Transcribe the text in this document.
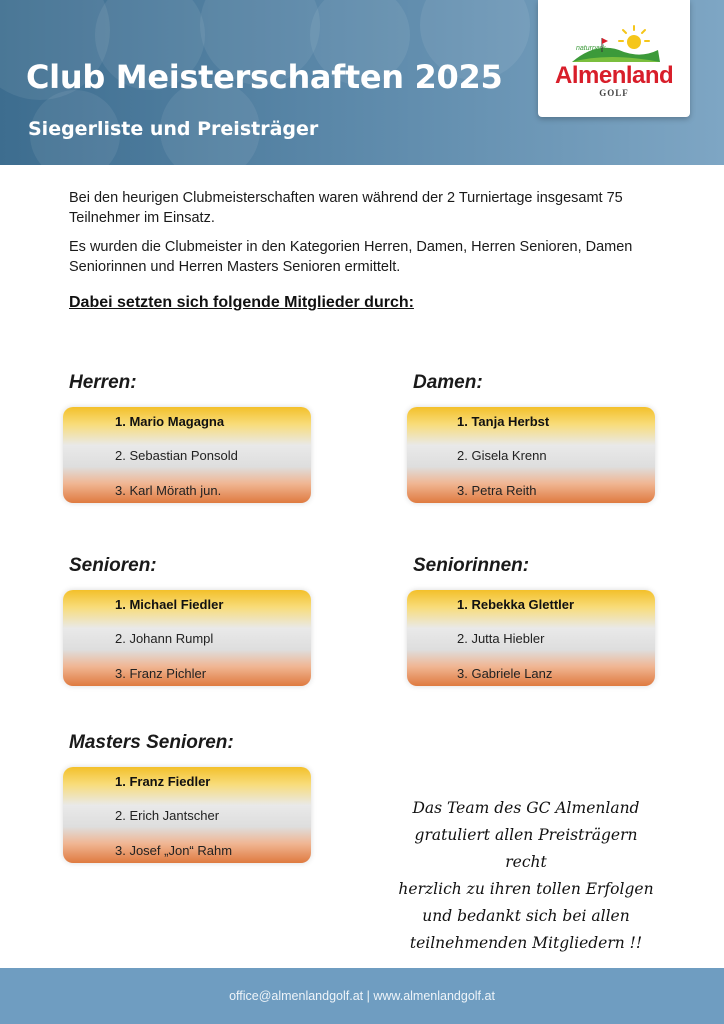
Club Meisterschaften 2025
Siegerliste und Preisträger
naturpark
Almenland
GOLF

Bei den heurigen Clubmeisterschaften waren während der 2 Turniertage insgesamt 75 Teilnehmer im Einsatz.

Es wurden die Clubmeister in den Kategorien Herren, Damen, Herren Senioren, Damen Seniorinnen und Herren Masters Senioren ermittelt.

Dabei setzten sich folgende Mitglieder durch:
Herren:
1. Mario Magagna
2. Sebastian Ponsold
3. Karl Mörath jun.
Damen:
1. Tanja Herbst
2. Gisela Krenn
3. Petra Reith
Senioren:
1. Michael Fiedler
2. Johann Rumpl
3. Franz Pichler
Seniorinnen:
1. Rebekka Glettler
2. Jutta Hiebler
3. Gabriele Lanz
Masters Senioren:
1. Franz Fiedler
2. Erich Jantscher
3. Josef „Jon“ Rahm
Das Team des GC Almenland
gratuliert allen Preisträgern recht
herzlich zu ihren tollen Erfolgen
und bedankt sich bei allen
teilnehmenden Mitgliedern !!
office@almenlandgolf.at | www.almenlandgolf.at
